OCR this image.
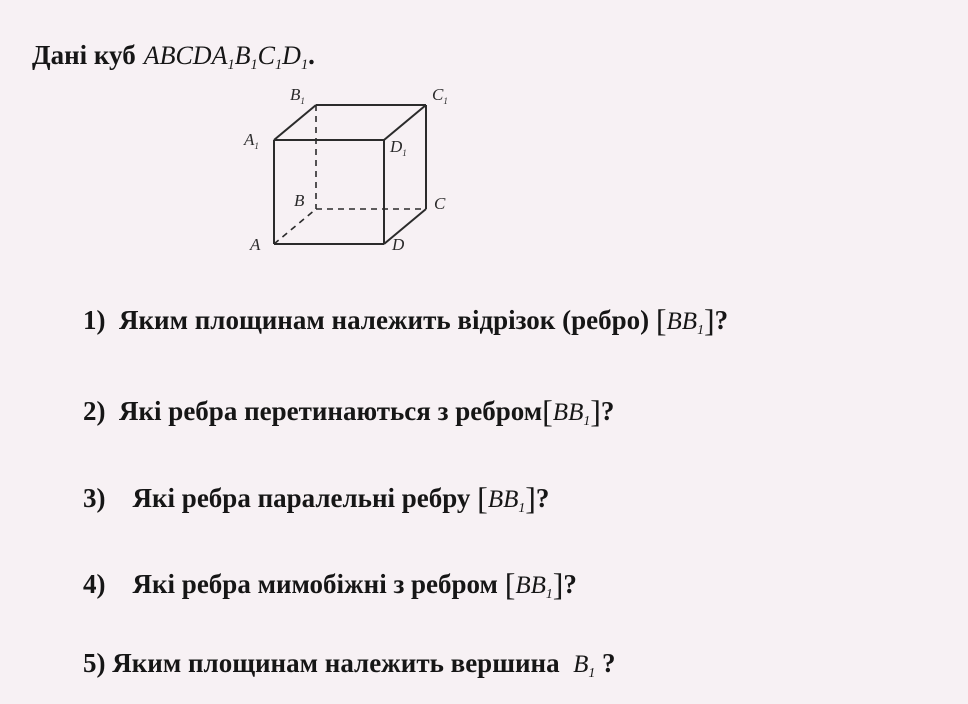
Дані куб $ABCDA_1B_1C_1D_1$.
$B_1$	$C_1$
$A_1$	$D_1$
B	C
A	D
1) Яким площинам належить відрізок (ребро) $[BB_1]$?
2) Які ребра перетинаються з $ребром[BB_1]$?
3) Які ребра паралельні ребру $[BB_1]$?
4) Які ребра мимобіжні з ребром $[BB_1]$?
5) Яким площинам належить вершина $B_1$ ?
